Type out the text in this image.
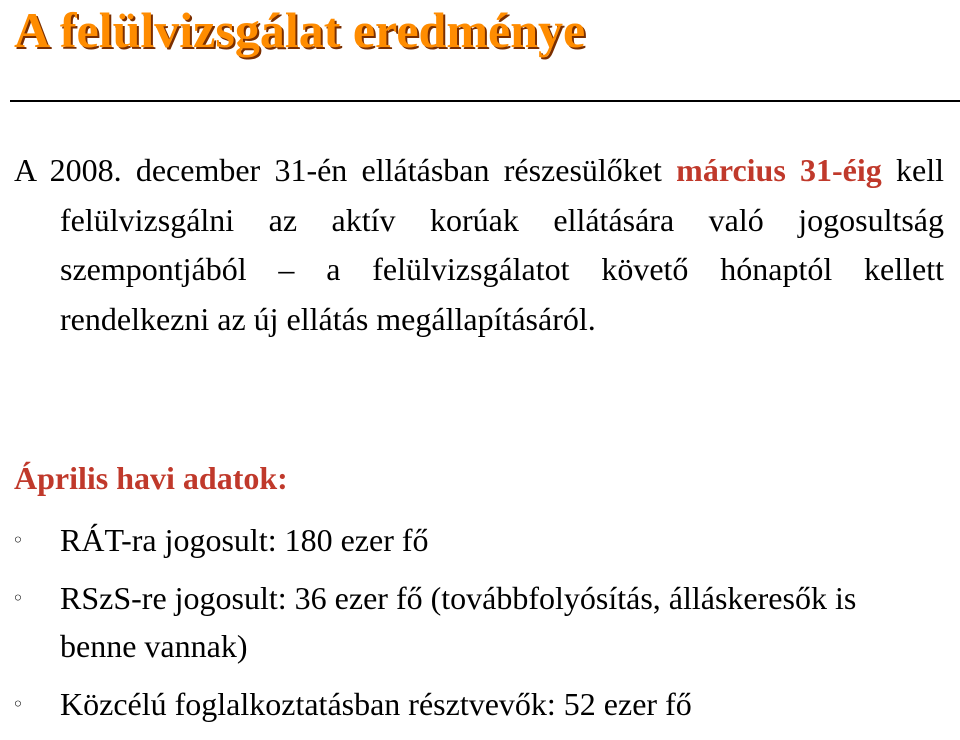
A felülvizsgálat eredménye

A 2008. december 31-én ellátásban részesülőket március 31-éig kell felülvizsgálni az aktív korúak ellátására való jogosultság szempontjából – a felülvizsgálatot követő hónaptól kellett rendelkezni az új ellátás megállapításáról.

Április havi adatok:
◦ RÁT-ra jogosult: 180 ezer fő
◦ RSzS-re jogosult: 36 ezer fő (továbbfolyósítás, álláskeresők is benne vannak)
◦ Közcélú foglalkoztatásban résztvevők: 52 ezer fő
